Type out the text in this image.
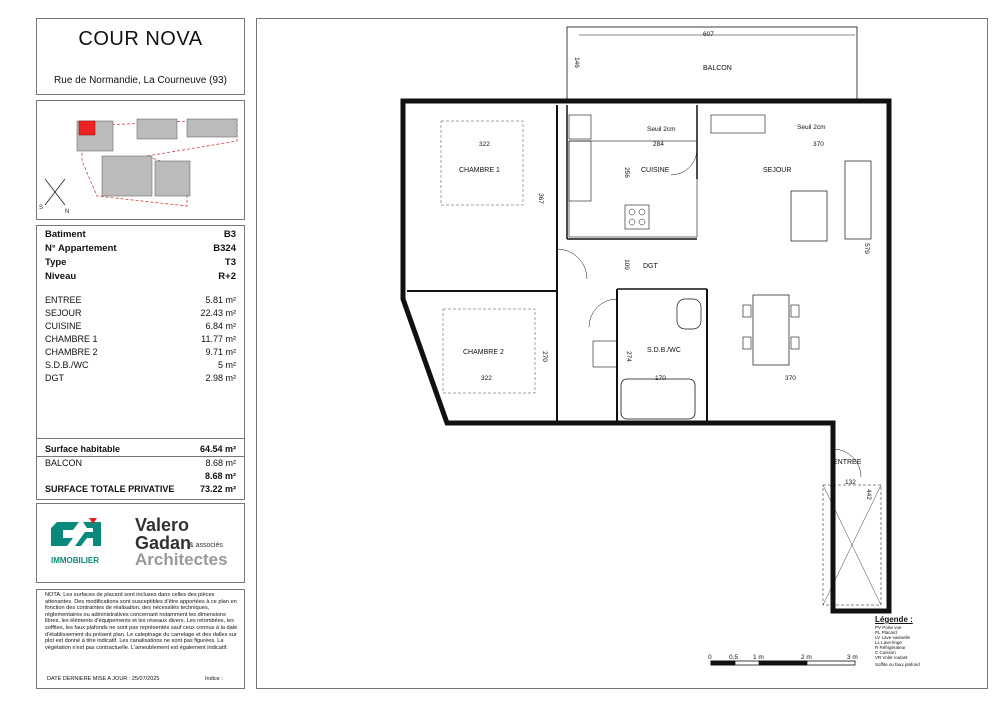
COUR NOVA
Rue de Normandie, La Courneuve (93)
S
N
Batiment	B3
N° Appartement	B324
Type	T3
Niveau	R+2
ENTREE	5.81 m²
SEJOUR	22.43 m²
CUISINE	6.84 m²
CHAMBRE 1	11.77 m²
CHAMBRE 2	9.71 m²
S.D.B./WC	5 m²
DGT	2.98 m²
Surface habitable	64.54 m²
BALCON	8.68 m²
8.68 m²
SURFACE TOTALE PRIVATIVE	73.22 m²
IMMOBILIER
Valero
Gadan
& associés
Architectes
NOTA: Les surfaces de placard sont incluses dans celles des pièces attenantes. Des modifications sont susceptibles d'être apportées à ce plan en fonction des contraintes de réalisation, des nécessités techniques, réglementaires ou administratives concernant notamment les dimensions libres, les éléments d'équipements et les réseaux divers. Les retombées, les soffites, les faux plafonds ne sont pas représentés sauf ceux connus à la date d'établissement du présent plan. Le calepinage du carrelage et des dalles sur plot est donné à titre indicatif. Les canalisations ne sont pas figurées. La végétation n'est pas contractuelle. L'ameublement est également indicatif.
DATE DERNIERE MISE A JOUR : 25/07/2025	Indice :
BALCON
CHAMBRE 1	CUISINE	SEJOUR
DGT
CHAMBRE 2	S.D.B./WC
ENTREE
Seuil 2cm	Seuil 2cm
607
146
322	284
256
367
370
109
579
270	274
322	170	370
132
442
0	0.5 1 m	2 m	3 m
Légende :
PV Porte vue
PL Placard
LV Lave-vaisselle
LL Lave-linge
R Réfrigérateur
C Cuisson
VR Volet roulant
Soffite ou faux plafond
